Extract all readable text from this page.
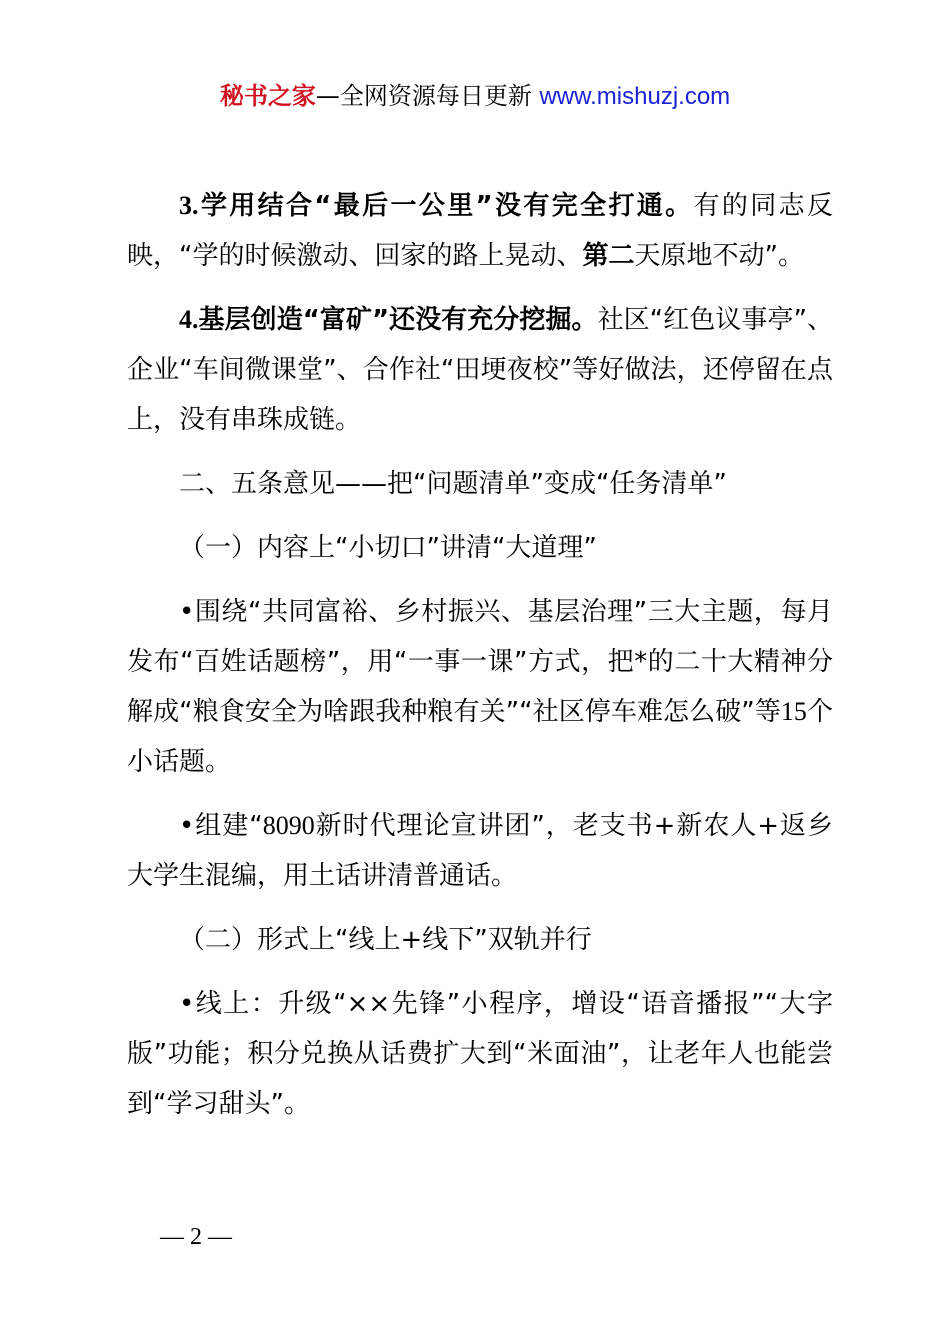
秘书之家—全网资源每日更新 www.mishuzj.com

3.学用结合“最后一公里”没有完全打通。有的同志反映，“学的时候激动、回家的路上晃动、第二天原地不动”。

4.基层创造“富矿”还没有充分挖掘。社区“红色议事亭”、企业“车间微课堂”、合作社“田埂夜校”等好做法，还停留在点上，没有串珠成链。

二、五条意见——把“问题清单”变成“任务清单”

（一）内容上“小切口”讲清“大道理”

•围绕“共同富裕、乡村振兴、基层治理”三大主题，每月发布“百姓话题榜”，用“一事一课”方式，把*的二十大精神分解成“粮食安全为啥跟我种粮有关”“社区停车难怎么破”等15个小话题。

•组建“8090新时代理论宣讲团”，老支书+新农人+返乡大学生混编，用土话讲清普通话。

（二）形式上“线上+线下”双轨并行

•线上：升级“××先锋”小程序，增设“语音播报”“大字版”功能；积分兑换从话费扩大到“米面油”，让老年人也能尝到“学习甜头”。

— 2 —
